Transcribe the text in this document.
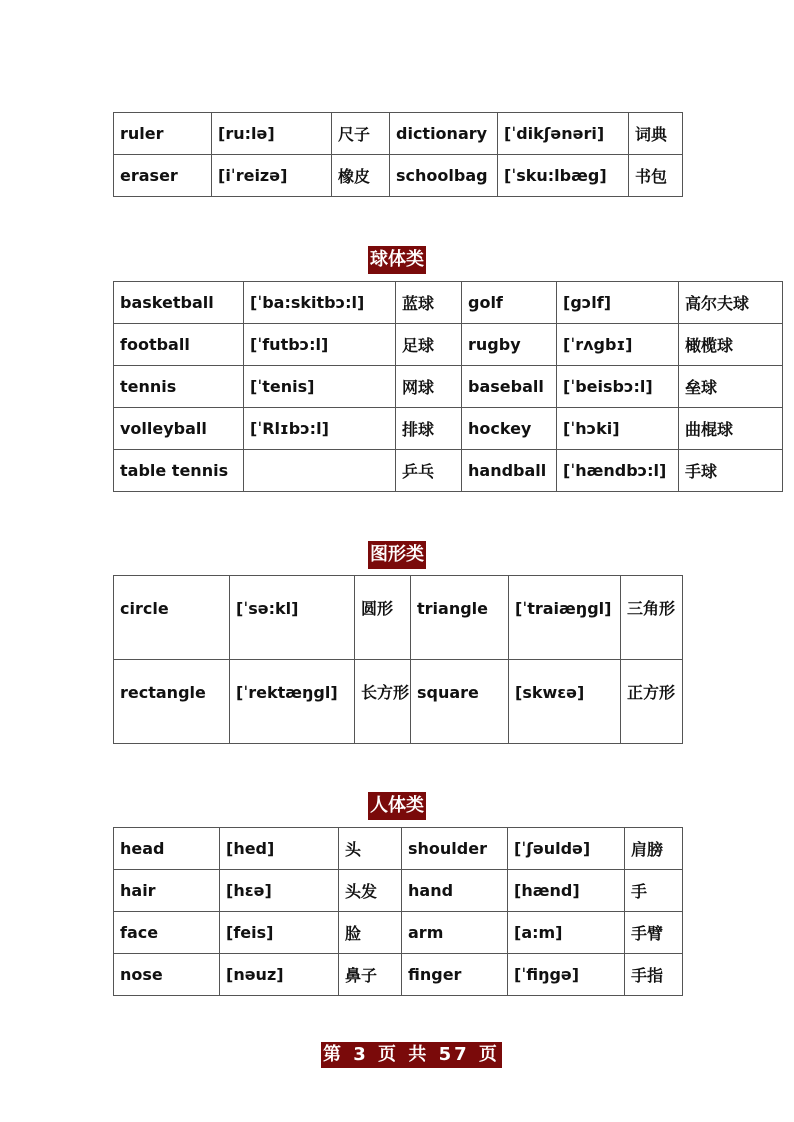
ruler	[ru:lə]	尺子	dictionary	[ˈdikʃənəri]	词典
eraser	[iˈreizə]	橡皮	schoolbag	[ˈsku:lbæg]	书包
球体类
basketball	[ˈba:skitbɔ:l]	蓝球	golf	[gɔlf]	高尔夫球
football	[ˈfutbɔ:l]	足球	rugby	[ˈrʌgbɪ]	橄榄球
tennis	[ˈtenis]	网球	baseball	[ˈbeisbɔ:l]	垒球
volleyball	[ˈRlɪbɔ:l]	排球	hockey	[ˈhɔki]	曲棍球
table tennis		乒乓	handball	[ˈhændbɔ:l]	手球
图形类
circle	[ˈsə:kl]	圆形	triangle	[ˈtraiæŋgl]	三角形
rectangle	[ˈrektæŋgl]	长方形	square	[skwεə]	正方形
人体类
head	[hed]	头	shoulder	[ˈʃəuldə]	肩膀
hair	[hεə]	头发	hand	[hænd]	手
face	[feis]	脸	arm	[a:m]	手臂
nose	[nəuz]	鼻子	finger	[ˈfiŋgə]	手指
第 3 页 共 57 页
